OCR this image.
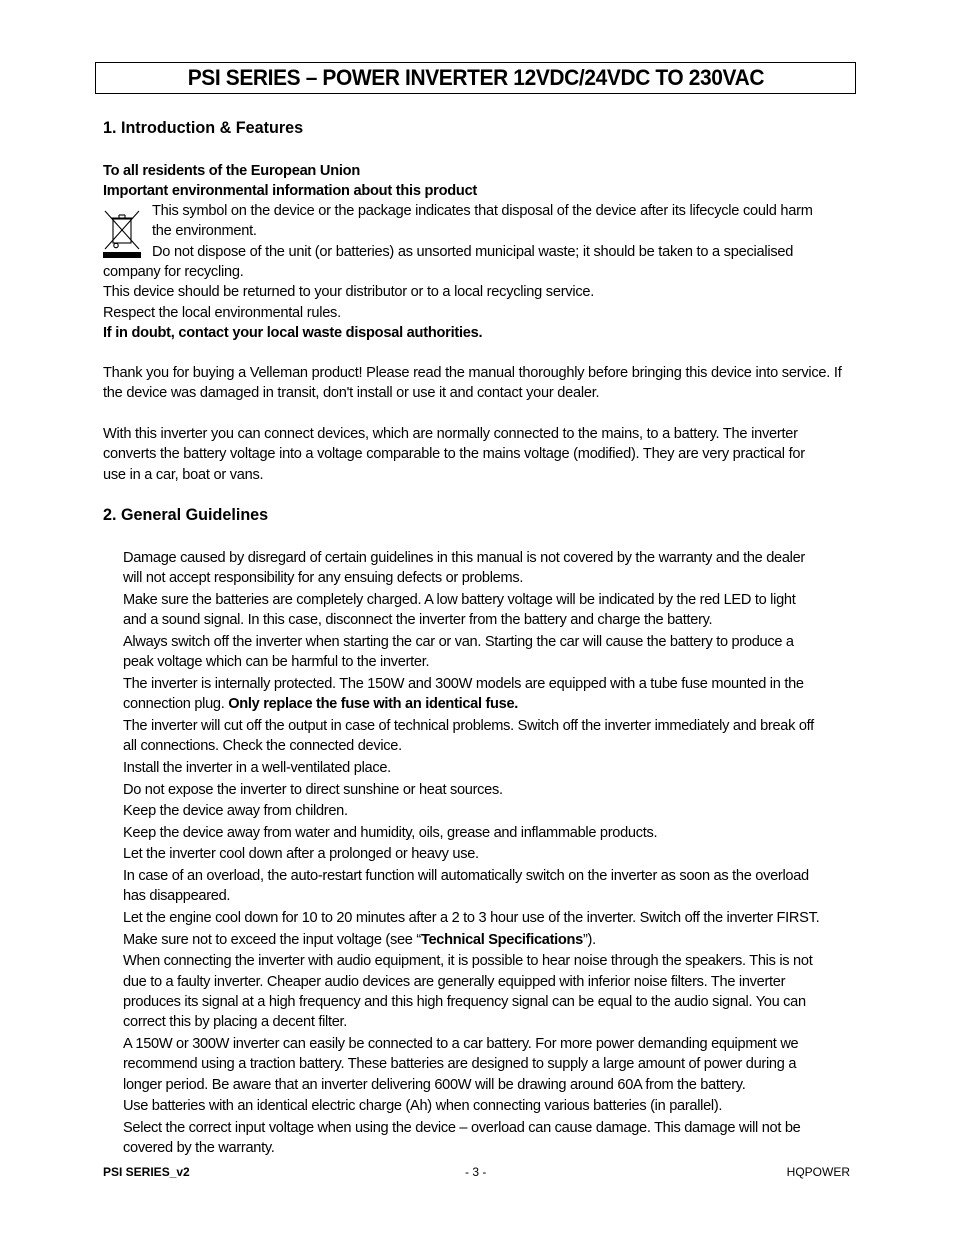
PSI SERIES – POWER INVERTER 12VDC/24VDC TO 230VAC
1. Introduction & Features

To all residents of the European Union

Important environmental information about this product

This symbol on the device or the package indicates that disposal of the device after its lifecycle could harm

the environment.

Do not dispose of the unit (or batteries) as unsorted municipal waste; it should be taken to a specialised

company for recycling.

This device should be returned to your distributor or to a local recycling service.

Respect the local environmental rules.

If in doubt, contact your local waste disposal authorities.

Thank you for buying a Velleman product! Please read the manual thoroughly before bringing this device into service. If

the device was damaged in transit, don't install or use it and contact your dealer.

With this inverter you can connect devices, which are normally connected to the mains, to a battery. The inverter

converts the battery voltage into a voltage comparable to the mains voltage (modified). They are very practical for

use in a car, boat or vans.

2. General Guidelines

Damage caused by disregard of certain guidelines in this manual is not covered by the warranty and the dealer
will not accept responsibility for any ensuing defects or problems.

Make sure the batteries are completely charged. A low battery voltage will be indicated by the red LED to light
and a sound signal. In this case, disconnect the inverter from the battery and charge the battery.

Always switch off the inverter when starting the car or van. Starting the car will cause the battery to produce a
peak voltage which can be harmful to the inverter.

The inverter is internally protected. The 150W and 300W models are equipped with a tube fuse mounted in the
connection plug. Only replace the fuse with an identical fuse.

The inverter will cut off the output in case of technical problems. Switch off the inverter immediately and break off
all connections. Check the connected device.

Install the inverter in a well-ventilated place.

Do not expose the inverter to direct sunshine or heat sources.

Keep the device away from children.

Keep the device away from water and humidity, oils, grease and inflammable products.

Let the inverter cool down after a prolonged or heavy use.

In case of an overload, the auto-restart function will automatically switch on the inverter as soon as the overload
has disappeared.

Let the engine cool down for 10 to 20 minutes after a 2 to 3 hour use of the inverter. Switch off the inverter FIRST.

Make sure not to exceed the input voltage (see “Technical Specifications”).

When connecting the inverter with audio equipment, it is possible to hear noise through the speakers. This is not
due to a faulty inverter. Cheaper audio devices are generally equipped with inferior noise filters. The inverter
produces its signal at a high frequency and this high frequency signal can be equal to the audio signal. You can
correct this by placing a decent filter.

A 150W or 300W inverter can easily be connected to a car battery. For more power demanding equipment we
recommend using a traction battery. These batteries are designed to supply a large amount of power during a
longer period. Be aware that an inverter delivering 600W will be drawing around 60A from the battery.

Use batteries with an identical electric charge (Ah) when connecting various batteries (in parallel).

Select the correct input voltage when using the device – overload can cause damage. This damage will not be
covered by the warranty.

PSI SERIES_v2	- 3 -	HQPOWER
